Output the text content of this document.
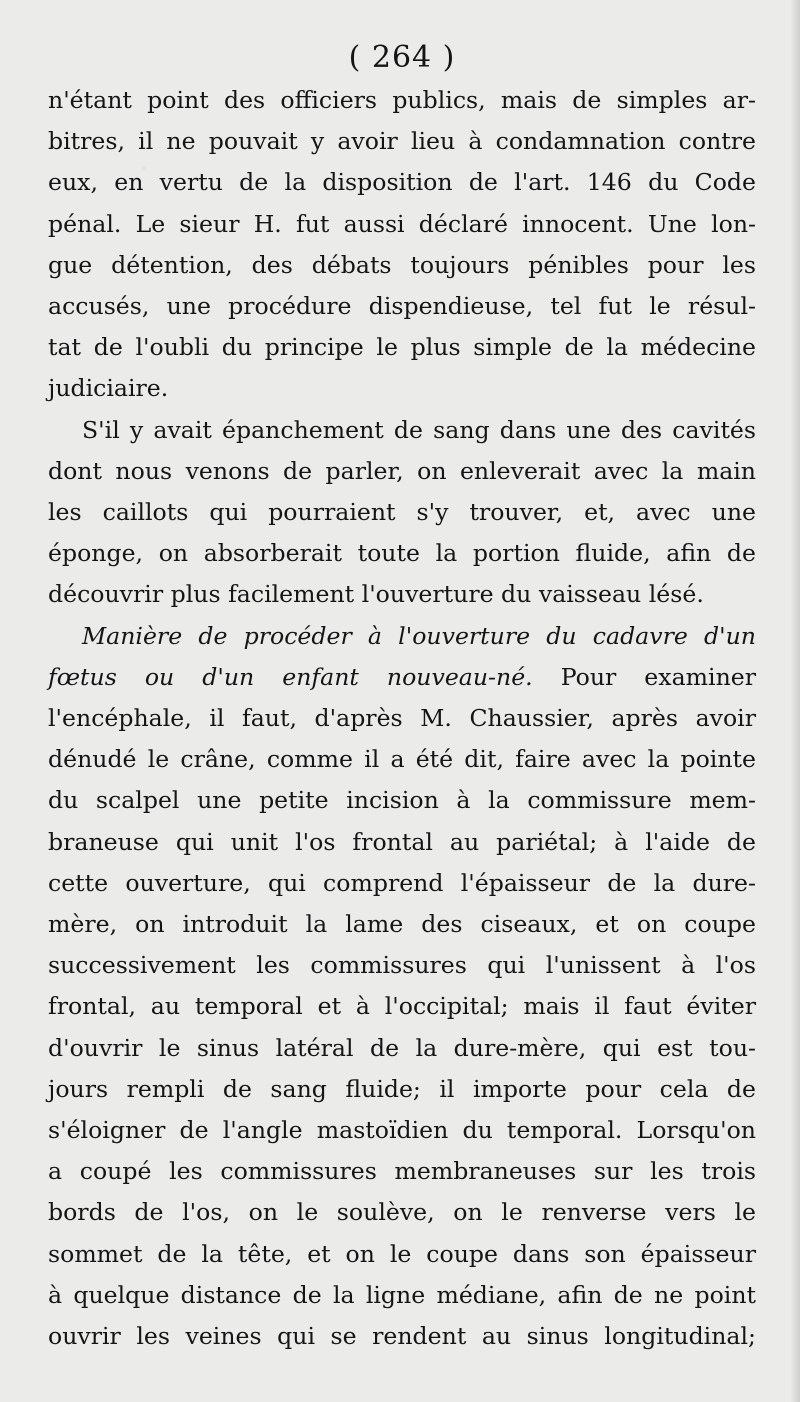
( 264 )

n'étant point des officiers publics, mais de simples ar-

bitres, il ne pouvait y avoir lieu à condamnation contre

eux, en vertu de la disposition de l'art. 146 du Code

pénal. Le sieur H. fut aussi déclaré innocent. Une lon-

gue détention, des débats toujours pénibles pour les

accusés, une procédure dispendieuse, tel fut le résul-

tat de l'oubli du principe le plus simple de la médecine

judiciaire.

S'il y avait épanchement de sang dans une des cavités

dont nous venons de parler, on enleverait avec la main

les caillots qui pourraient s'y trouver, et, avec une

éponge, on absorberait toute la portion fluide, afin de

découvrir plus facilement l'ouverture du vaisseau lésé.

Manière de procéder à l'ouverture du cadavre d'un

fœtus ou d'un enfant nouveau-né. Pour examiner

l'encéphale, il faut, d'après M. Chaussier, après avoir

dénudé le crâne, comme il a été dit, faire avec la pointe

du scalpel une petite incision à la commissure mem-

braneuse qui unit l'os frontal au pariétal; à l'aide de

cette ouverture, qui comprend l'épaisseur de la dure-

mère, on introduit la lame des ciseaux, et on coupe

successivement les commissures qui l'unissent à l'os

frontal, au temporal et à l'occipital; mais il faut éviter

d'ouvrir le sinus latéral de la dure-mère, qui est tou-

jours rempli de sang fluide; il importe pour cela de

s'éloigner de l'angle mastoïdien du temporal. Lorsqu'on

a coupé les commissures membraneuses sur les trois

bords de l'os, on le soulève, on le renverse vers le

sommet de la tête, et on le coupe dans son épaisseur

à quelque distance de la ligne médiane, afin de ne point

ouvrir les veines qui se rendent au sinus longitudinal;
